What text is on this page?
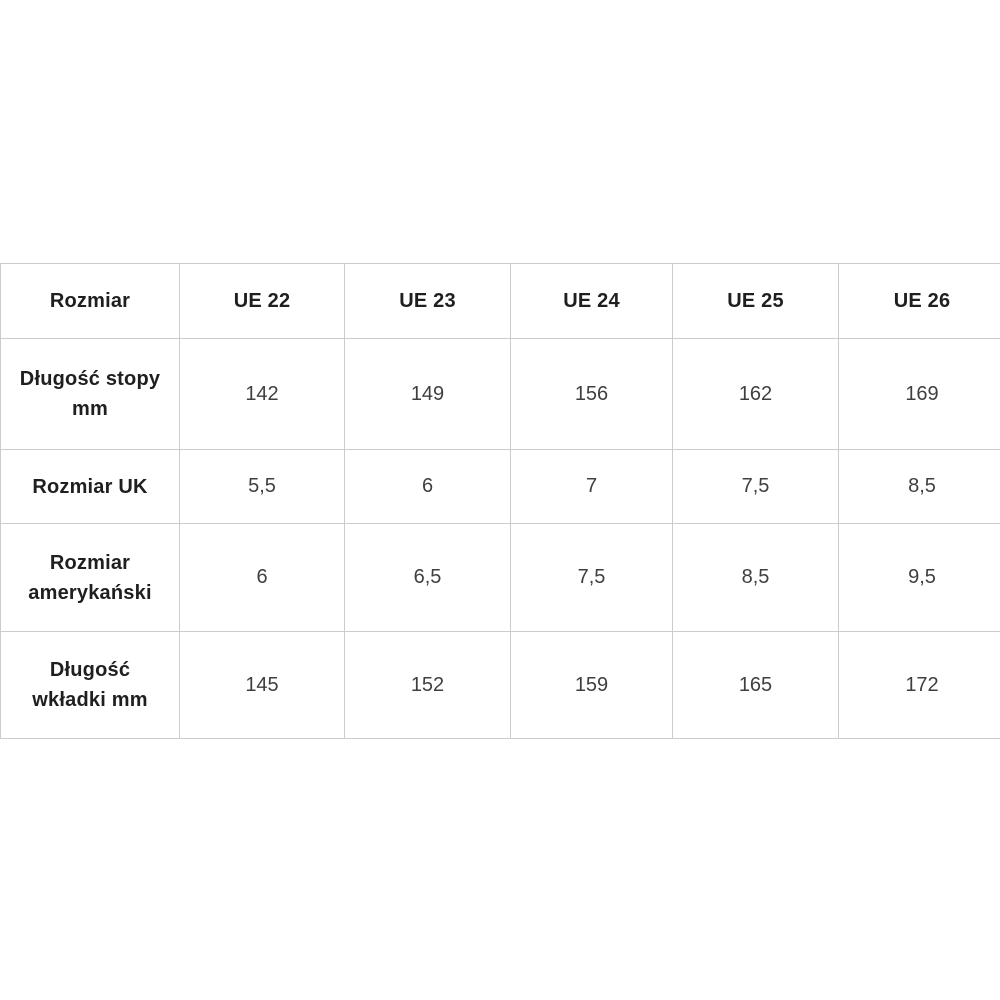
Rozmiar	UE 22	UE 23	UE 24	UE 25	UE 26
Długość stopy mm	142	149	156	162	169
Rozmiar UK	5,5	6	7	7,5	8,5
Rozmiar amerykański	6	6,5	7,5	8,5	9,5
Długość wkładki mm	145	152	159	165	172
